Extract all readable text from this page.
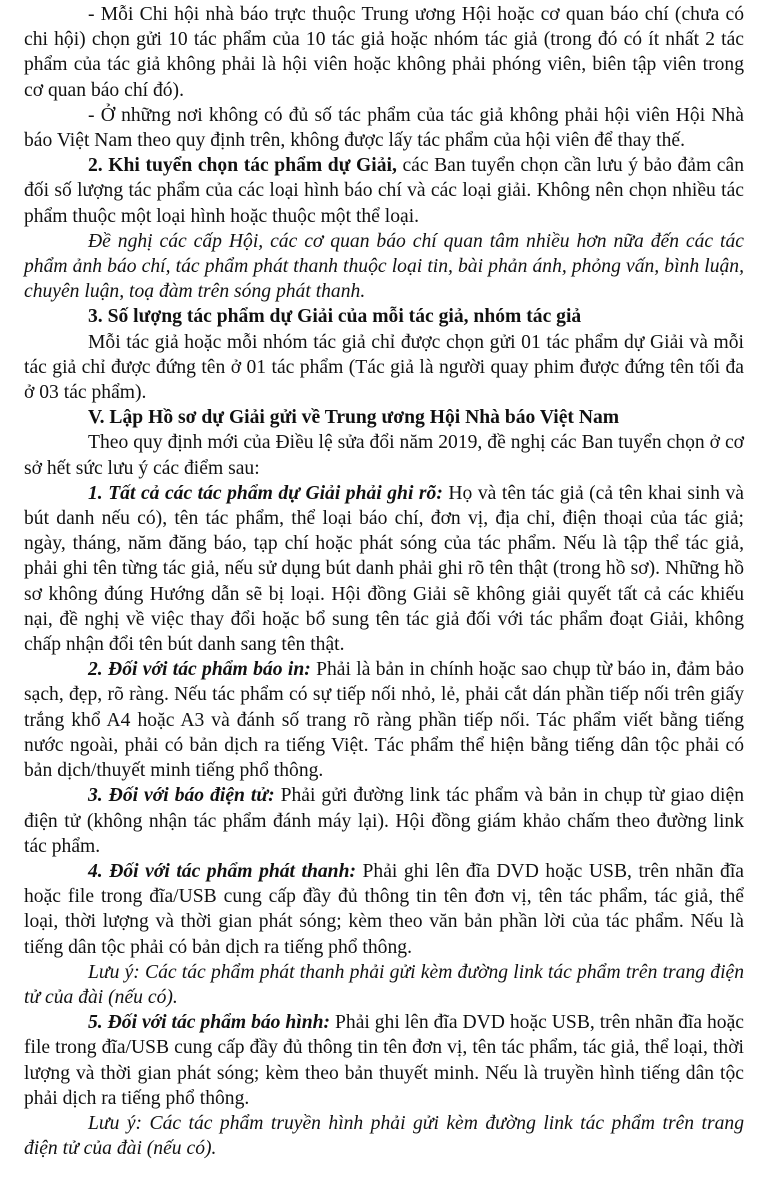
- Mỗi Chi hội nhà báo trực thuộc Trung ương Hội hoặc cơ quan báo chí (chưa có chi hội) chọn gửi 10 tác phẩm của 10 tác giả hoặc nhóm tác giả (trong đó có ít nhất 2 tác phẩm của tác giả không phải là hội viên hoặc không phải phóng viên, biên tập viên trong cơ quan báo chí đó).

- Ở những nơi không có đủ số tác phẩm của tác giả không phải hội viên Hội Nhà báo Việt Nam theo quy định trên, không được lấy tác phẩm của hội viên để thay thế.

2. Khi tuyển chọn tác phẩm dự Giải, các Ban tuyển chọn cần lưu ý bảo đảm cân đối số lượng tác phẩm của các loại hình báo chí và các loại giải. Không nên chọn nhiều tác phẩm thuộc một loại hình hoặc thuộc một thể loại.

Đề nghị các cấp Hội, các cơ quan báo chí quan tâm nhiều hơn nữa đến các tác phẩm ảnh báo chí, tác phẩm phát thanh thuộc loại tin, bài phản ánh, phỏng vấn, bình luận, chuyên luận, toạ đàm trên sóng phát thanh.

3. Số lượng tác phẩm dự Giải của mỗi tác giả, nhóm tác giả

Mỗi tác giả hoặc mỗi nhóm tác giả chỉ được chọn gửi 01 tác phẩm dự Giải và mỗi tác giả chỉ được đứng tên ở 01 tác phẩm (Tác giả là người quay phim được đứng tên tối đa ở 03 tác phẩm).

V. Lập Hồ sơ dự Giải gửi về Trung ương Hội Nhà báo Việt Nam

Theo quy định mới của Điều lệ sửa đổi năm 2019, đề nghị các Ban tuyển chọn ở cơ sở hết sức lưu ý các điểm sau:

1. Tất cả các tác phẩm dự Giải phải ghi rõ: Họ và tên tác giả (cả tên khai sinh và bút danh nếu có), tên tác phẩm, thể loại báo chí, đơn vị, địa chỉ, điện thoại của tác giả; ngày, tháng, năm đăng báo, tạp chí hoặc phát sóng của tác phẩm. Nếu là tập thể tác giả, phải ghi tên từng tác giả, nếu sử dụng bút danh phải ghi rõ tên thật (trong hồ sơ). Những hồ sơ không đúng Hướng dẫn sẽ bị loại. Hội đồng Giải sẽ không giải quyết tất cả các khiếu nại, đề nghị về việc thay đổi hoặc bổ sung tên tác giả đối với tác phẩm đoạt Giải, không chấp nhận đổi tên bút danh sang tên thật.

2. Đối với tác phẩm báo in: Phải là bản in chính hoặc sao chụp từ báo in, đảm bảo sạch, đẹp, rõ ràng. Nếu tác phẩm có sự tiếp nối nhỏ, lẻ, phải cắt dán phần tiếp nối trên giấy trắng khổ A4 hoặc A3 và đánh số trang rõ ràng phần tiếp nối. Tác phẩm viết bằng tiếng nước ngoài, phải có bản dịch ra tiếng Việt. Tác phẩm thể hiện bằng tiếng dân tộc phải có bản dịch/thuyết minh tiếng phổ thông.

3. Đối với báo điện tử: Phải gửi đường link tác phẩm và bản in chụp từ giao diện điện tử (không nhận tác phẩm đánh máy lại). Hội đồng giám khảo chấm theo đường link tác phẩm.

4. Đối với tác phẩm phát thanh: Phải ghi lên đĩa DVD hoặc USB, trên nhãn đĩa hoặc file trong đĩa/USB cung cấp đầy đủ thông tin tên đơn vị, tên tác phẩm, tác giả, thể loại, thời lượng và thời gian phát sóng; kèm theo văn bản phần lời của tác phẩm. Nếu là tiếng dân tộc phải có bản dịch ra tiếng phổ thông.

Lưu ý: Các tác phẩm phát thanh phải gửi kèm đường link tác phẩm trên trang điện tử của đài (nếu có).

5. Đối với tác phẩm báo hình: Phải ghi lên đĩa DVD hoặc USB, trên nhãn đĩa hoặc file trong đĩa/USB cung cấp đầy đủ thông tin tên đơn vị, tên tác phẩm, tác giả, thể loại, thời lượng và thời gian phát sóng; kèm theo bản thuyết minh. Nếu là truyền hình tiếng dân tộc phải dịch ra tiếng phổ thông.

Lưu ý: Các tác phẩm truyền hình phải gửi kèm đường link tác phẩm trên trang điện tử của đài (nếu có).
